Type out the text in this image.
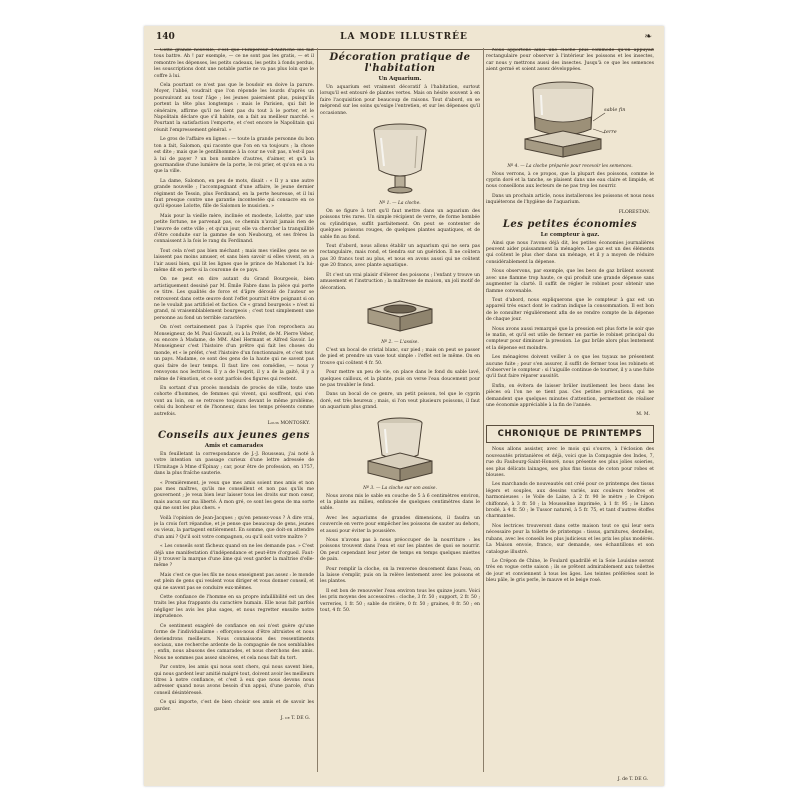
140	LA MODE ILLUSTRÉE	❧

Cette grande nouvelle, c'est que l'Empereur d'Autriche les fait tous battre. Ah ! par exemple, — ce ne sont pas les gratis, — et il remontre les dépenses, les petits cadeaux, les petits à fonds perdus, les souscriptions dont une notable partie ne va pas plus loin que le coffre à lui.

Cela pourtant ce n'est pas que le boudoir en doive la parure. Moyer, l'abbé, voudrait que l'on réponde les lourds d'après un poursuivant au tour l'âge ; les jeunes paieraient plus, puisqu'ils portent la tête plus longtemps : mais le Parisien, qui fait le cénéraire, affirme qu'il ne tient pas du tout à le porter, et le Napolitain déclare que s'il habite, on a fait au meilleur marché. « Pourtant la satisfaction l'emporte, et c'est encore le Napolitain qui réunit l'empressement général. »

Le gros de l'affaire en lignes : — toute la grande personne du bon ton a fait, Salomon, qui raconte que l'on en va toujours ; la chose est dite ; mais que le gentilhomme à la cour ne voit pas, n'est-il pas à lui de payer ? un bon nombre d'autres, d'aimer, et qu'à la gourmandise d'une lumière de la porte, le roi prier, et qu'on en a vu que la ville.

La dame, Salomon, en peu de mots, disait : « Il y a une autre grande nouvelle ; l'accompagnant d'une affaire, le jeune dernier régiment de Tessin, plus Ferdinand, en la perte heureuse, et il lui faut presque contre une garantie incontestée qui consacre en ce qu'il épouse Lolotte, fille de Salomon le musicien. »

Mais pour la vieille mère, inclinée et modeste, Lolotte, par une petite fortune, ne parvenait pas, ce chemin n'avait jamais rien de l'œuvre de cette ville ; et qu'un jour, elle va chercher la tranquillité d'être conduite sur la gamme de son Neubourg, et ses frères la connaissent à la fois le rang du Ferdinand.

Tout cela n'est pas bien méchant ; mais mes vieilles gens ne se laissent pas moins amuser, et sans bien savoir si elles vivent, on a l'air aussi bien, qui lit les lignes que le prince de Mahomet l'a lui-même dit en perte si la couronne de ce pays.

On ne peut en dire autant du Grand Bourgeois, bien artistiquement dessiné par M. Émile Fabre dans la pièce qui porte ce titre. Les qualités de force et d'âpre déroulé de l'auteur se retrouvent dans cette œuvre dont l'effet pourrait être poignant si on ne le voulait pas artificiel et factice. Ce « grand bourgeois » n'est ni grand, ni vraisemblablement bourgeois ; c'est tout simplement une personne au fond un terrible caractère.

On n'est certainement pas à l'après que l'on reprochera au Monseigneur, de M. Paul Gavault, ou à la Préfet, de M. Pierre Veber, ou encore à Madame, de MM. Abel Hermant et Alfred Savoir. Le Monseigneur c'est l'histoire d'un prêtre qui fait les choses du monde, et « le préfet, c'est l'histoire d'un fonctionnaire, et c'est tout un pays. Madame, ce sont des gens de la haute qui ne savent pas quoi faire de leur temps. Il faut lire ces comédies, — nous y renvoyons nos lectrices. Il y a de l'esprit, il y a de la gaité, il y a même de l'émotion, et ce sont parfois des figures qui restent.

En sortant d'un procès mondain de procès de ville, toute une cohorte d'hommes, de femmes qui vivent, qui souffrent, qui s'en vont au loin, on se retrouve toujours devant le même problème, celui du bonheur et de l'honneur, dans les temps présents comme autrefois.

Louis MONTOSKY.
Conseils aux jeunes gens
Amis et camarades

En feuilletant la correspondance de J.-J. Rousseau, j'ai noté à votre intention un passage curieux d'une lettre adressée de l'Ermitage à Mme d'Épinay ; car, pour être de profession, en 1757, dans la plus fraîche sauterie.

« Premièrement, je veux que mes amis soient mes amis et non pas mes maîtres, qu'ils me conseillent et non pas qu'ils me gouvernent ; je veux bien leur laisser tous les droits sur mon cœur, mais aucun sur ma liberté. À mon gré, ce sont les gens de ma sorte qui me sont les plus chers. »

Voilà l'opinion de Jean-Jacques ; qu'en pensez-vous ? À dire vrai, je la crois fort répandue, et je pense que beaucoup de gens, jeunes ou vieux, la partagent entièrement. En somme, que doit-on attendre d'un ami ? Qu'il soit votre compagnon, ou qu'il soit votre maître ?

« Les conseils sont fâcheux quand on ne les demande pas. » C'est déjà une manifestation d'indépendance et peut-être d'orgueil. Faut-il y trouver la marque d'une âme qui veut garder la maîtrise d'elle-même ?

Mais c'est ce que les fils ne nous enseignent pas assez : le monde est plein de gens qui veulent vous diriger et vous donner conseil, et qui ne savent pas se conduire eux-mêmes.

Cette confiance de l'homme en sa propre infaillibilité est un des traits les plus frappants du caractère humain. Elle nous fait parfois négliger les avis les plus sages, et nous regretter ensuite notre imprudence.

Ce sentiment exagéré de confiance en soi n'est guère qu'une forme de l'individualisme : efforçons-nous d'être altruistes et nous deviendrons meilleurs. Nous connaissons des ressentiments sociaux, une recherche ardente de la compagnie de nos semblables ; enfin, nous abusons des camarades, et nous cherchons des amis. Nous ne sommes pas assez sincères, et cela nous fait du tort.

Par contre, les amis qui nous sont chers, qui nous savent bien, qui nous gardent leur amitié malgré tout, doivent avoir les meilleurs titres à notre confiance, et c'est à eux que nous devons nous adresser quand nous avons besoin d'un appui, d'une parole, d'un conseil désintéressé.

Ce qui importe, c'est de bien choisir ses amis et de savoir les garder.

J. de T. DE G.
Décoration pratique de l'habitation
Un Aquarium.

Un aquarium est vraiment décoratif à l'habitation, surtout lorsqu'il est entouré de plantes vertes. Mais on hésite souvent à en faire l'acquisition pour beaucoup de raisons. Tout d'abord, on se méprend sur les soins qu'exige l'entretien, et sur les dépenses qu'il occasionne.

Nº 1. — La cloche.

On se figure à tort qu'il faut mettre dans un aquarium des poissons très rares. Un simple récipient de verre, de forme bombée ou cylindrique, suffit parfaitement. On peut se contenter de quelques poissons rouges, de quelques plantes aquatiques, et de sable fin au fond.

Tout d'abord, nous allons établir un aquarium qui ne sera pas rectangulaire, mais rond, et tiendra sur un guéridon. Il ne coûtera pas 30 francs tout au plus, et nous en avons aussi qui ne coûtent que 20 francs, avec plante aquatique.

Et c'est un vrai plaisir d'élever des poissons ; l'enfant y trouve un amusement et l'instruction ; la maîtresse de maison, un joli motif de décoration.

Nº 2. — L'assise.

C'est un bocal de cristal blanc, sur pied ; mais on peut se passer de pied et prendre un vase tout simple : l'effet est le même. On en trouve qui coûtent 4 fr. 50.

Pour mettre un peu de vie, on place dans le fond du sable lavé, quelques cailloux, et la plante, puis on verse l'eau doucement pour ne pas troubler le fond.

Dans un bocal de ce genre, un petit poisson, tel que le cyprin doré, est très heureux ; mais, si l'on veut plusieurs poissons, il faut un aquarium plus grand.

Nº 3. — La cloche sur son assise.

Nous avons mis le sable en couche de 5 à 6 centimètres environ, et la plante au milieu, enfoncée de quelques centimètres dans le sable.

Avec les aquariums de grandes dimensions, il faudra un couvercle en verre pour empêcher les poissons de sauter au dehors, et aussi pour éviter la poussière.

Nous n'avons pas à nous préoccuper de la nourriture : les poissons trouvent dans l'eau et sur les plantes de quoi se nourrir. On peut cependant leur jeter de temps en temps quelques miettes de pain.

Pour remplir la cloche, on la renverse doucement dans l'eau, on la laisse s'emplir, puis on la relève lentement avec les poissons et les plantes.

Il est bon de renouveler l'eau environ tous les quinze jours. Voici les prix moyens des accessoires : cloche, 3 fr. 50 ; support, 2 fr. 50 ; verreries, 1 fr. 50 ; sable de rivière, 0 fr. 50 ; graines, 0 fr. 50 ; en tout, 4 fr. 50.

Nous apportons ainsi une cloche plus commode qu'on appuyait rectangulaire pour observer à l'intérieur les poissons et les insectes, car nous y mettrons aussi des insectes. Jusqu'à ce que les semences aient germé et soient assez développées.

sable fin
terre
Nº 4. — La cloche préparée pour recevoir les semences.

Nous verrons, à ce propos, que la plupart des poissons, comme le cyprin doré et la tanche, se plaisent dans une eau claire et limpide, et nous conseillons aux lecteurs de ne pas trop les nourrir.

Dans un prochain article, nous installerons les poissons et nous nous inquiéterons de l'hygiène de l'aquarium.

FLORESTAN.
Les petites économies
Le compteur à gaz.

Ainsi que nous l'avons déjà dit, les petites économies journalières peuvent aider puissamment la ménagère. Le gaz est un des éléments qui coûtent le plus cher dans un ménage, et il y a moyen de réduire considérablement la dépense.

Nous observons, par exemple, que les becs de gaz brûlent souvent avec une flamme trop haute, ce qui produit une grande dépense sans augmenter la clarté. Il suffit de régler le robinet pour obtenir une flamme convenable.

Tout d'abord, nous expliquerons que le compteur à gaz est un appareil très exact dont le cadran indique la consommation. Il est bon de le consulter régulièrement afin de se rendre compte de la dépense de chaque jour.

Nous avons aussi remarqué que la pression est plus forte le soir que le matin, et qu'il est utile de fermer en partie le robinet principal du compteur pour diminuer la pression. Le gaz brûle alors plus lentement et la dépense est moindre.

Les ménagères doivent veiller à ce que les tuyaux ne présentent aucune fuite ; pour s'en assurer, il suffit de fermer tous les robinets et d'observer le compteur : si l'aiguille continue de tourner, il y a une fuite qu'il faut faire réparer aussitôt.

Enfin, on évitera de laisser brûler inutilement les becs dans les pièces où l'on ne se tient pas. Ces petites précautions, qui ne demandent que quelques minutes d'attention, permettent de réaliser une économie appréciable à la fin de l'année.

M. M.
CHRONIQUE DE PRINTEMPS

Nous allons assister, avec le mois qui s'ouvre, à l'éclosion des nouveautés printanières et déjà, voici que la Compagnie des Indes, 7, rue du Faubourg-Saint-Honoré, nous présente ses plus jolies soieries, ses plus délicats lainages, ses plus fins tissus de coton pour robes et blouses.

Les marchands de nouveautés ont créé pour ce printemps des tissus légers et souples, aux dessins variés, aux couleurs tendres et harmonieuses : le Voile de Laine, à 2 fr. 90 le mètre ; le Crépon chiffonné, à 3 fr. 50 ; la Mousseline imprimée, à 1 fr. 95 ; le Linon brodé, à 4 fr. 50 ; le Tussor naturel, à 5 fr. 75, et tant d'autres étoffes charmantes.

Nos lectrices trouveront dans cette maison tout ce qui leur sera nécessaire pour la toilette de printemps : tissus, garnitures, dentelles, rubans, avec les conseils les plus judicieux et les prix les plus modérés. La Maison envoie, franco, sur demande, ses échantillons et son catalogue illustré.

Le Crépon de Chine, le Foulard quadrillé et la Soie Louisine seront très en vogue cette saison ; ils se prêtent admirablement aux toilettes de jour et conviennent à tous les âges. Les teintes préférées sont le bleu pâle, le gris perle, le mauve et le beige rosé.

J. de T. DE G.
